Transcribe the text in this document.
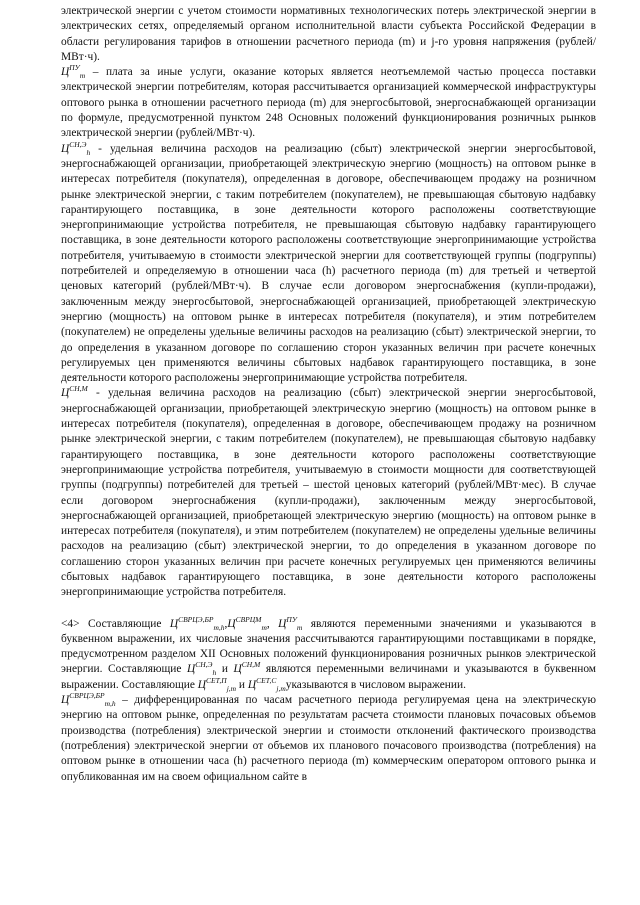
электрической энергии с учетом стоимости нормативных технологических потерь электрической энергии в электрических сетях, определяемый органом исполнительной власти субъекта Российской Федерации в области регулирования тарифов в отношении расчетного периода (m) и j-го уровня напряжения (рублей/МВт·ч).

$Ц^{ПУ}_m$ – плата за иные услуги, оказание которых является неотъемлемой частью процесса поставки электрической энергии потребителям, которая рассчитывается организацией коммерческой инфраструктуры оптового рынка в отношении расчетного периода (m) для энергосбытовой, энергоснабжающей организации по формуле, предусмотренной пунктом 248 Основных положений функционирования розничных рынков электрической энергии (рублей/МВт·ч).

$Ц^{СН,Э}_h$ - удельная величина расходов на реализацию (сбыт) электрической энергии энергосбытовой, энергоснабжающей организации, приобретающей электрическую энергию (мощность) на оптовом рынке в интересах потребителя (покупателя), определенная в договоре, обеспечивающем продажу на розничном рынке электрической энергии, с таким потребителем (покупателем), не превышающая сбытовую надбавку гарантирующего поставщика, в зоне деятельности которого расположены соответствующие энергопринимающие устройства потребителя, не превышающая сбытовую надбавку гарантирующего поставщика, в зоне деятельности которого расположены соответствующие энергопринимающие устройства потребителя, учитываемую в стоимости электрической энергии для соответствующей группы (подгруппы) потребителей и определяемую в отношении часа (h) расчетного периода (m) для третьей и четвертой ценовых категорий (рублей/МВт·ч). В случае если договором энергоснабжения (купли-продажи), заключенным между энергосбытовой, энергоснабжающей организацией, приобретающей электрическую энергию (мощность) на оптовом рынке в интересах потребителя (покупателя), и этим потребителем (покупателем) не определены удельные величины расходов на реализацию (сбыт) электрической энергии, то до определения в указанном договоре по соглашению сторон указанных величин при расчете конечных регулируемых цен применяются величины сбытовых надбавок гарантирующего поставщика, в зоне деятельности которого расположены энергопринимающие устройства потребителя.

$Ц^{СН,М}$ - удельная величина расходов на реализацию (сбыт) электрической энергии энергосбытовой, энергоснабжающей организации, приобретающей электрическую энергию (мощность) на оптовом рынке в интересах потребителя (покупателя), определенная в договоре, обеспечивающем продажу на розничном рынке электрической энергии, с таким потребителем (покупателем), не превышающая сбытовую надбавку гарантирующего поставщика, в зоне деятельности которого расположены соответствующие энергопринимающие устройства потребителя, учитываемую в стоимости мощности для соответствующей группы (подгруппы) потребителей для третьей – шестой ценовых категорий (рублей/МВт·мес). В случае если договором энергоснабжения (купли-продажи), заключенным между энергосбытовой, энергоснабжающей организацией, приобретающей электрическую энергию (мощность) на оптовом рынке в интересах потребителя (покупателя), и этим потребителем (покупателем) не определены удельные величины расходов на реализацию (сбыт) электрической энергии, то до определения в указанном договоре по соглашению сторон указанных величин при расчете конечных регулируемых цен применяются величины сбытовых надбавок гарантирующего поставщика, в зоне деятельности которого расположены энергопринимающие устройства потребителя.

<4> Составляющие $Ц^{СВРЦЭ,БР}_{m,h},Ц^{СВРЦМ}_m$, $Ц^{ПУ}_m$ являются переменными значениями и указываются в буквенном выражении, их числовые значения рассчитываются гарантирующими поставщиками в порядке, предусмотренном разделом XII Основных положений функционирования розничных рынков электрической энергии. Составляющие $Ц^{СН,Э}_h$ и $Ц^{СН,М}$ являются переменными величинами и указываются в буквенном выражении. Составляющие $Ц^{СЕТ,П}_{j,m}$ и $Ц^{СЕТ,С}_{j,m}указываются$ в числовом выражении.

$Ц^{СВРЦЭ,БР}_{m,h}$ – дифференцированная по часам расчетного периода регулируемая цена на электрическую энергию на оптовом рынке, определенная по результатам расчета стоимости плановых почасовых объемов производства (потребления) электрической энергии и стоимости отклонений фактического производства (потребления) электрической энергии от объемов их планового почасового производства (потребления) на оптовом рынке в отношении часа (h) расчетного периода (m) коммерческим оператором оптового рынка и опубликованная им на своем официальном сайте в
